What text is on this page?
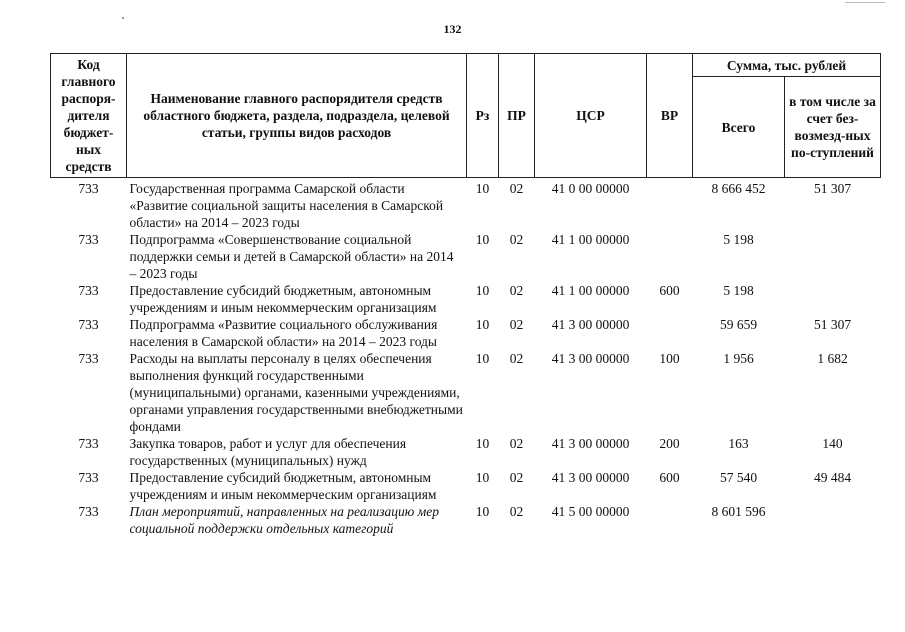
132
Код главного распоря-дителя бюджет-ных средств	Наименование главного распорядителя средств областного бюджета, раздела, подраздела, целевой статьи, группы видов расходов	Рз	ПР	ЦСР	ВР	Сумма, тыс. рублей	
						Всего	в том числе за счет без-возмезд-ных по-ступлений
733	Государственная программа Самарской области «Развитие социальной защиты населения в Самарской области» на 2014 – 2023 годы	10	02	41 0 00 00000		8 666 452	51 307
733	Подпрограмма «Совершенствование социальной поддержки семьи и детей в Самарской области» на 2014 – 2023 годы	10	02	41 1 00 00000		5 198	
733	Предоставление субсидий бюджетным, автономным учреждениям и иным некоммерческим организациям	10	02	41 1 00 00000	600	5 198	
733	Подпрограмма «Развитие социального обслуживания населения в Самарской области» на 2014 – 2023 годы	10	02	41 3 00 00000		59 659	51 307
733	Расходы на выплаты персоналу в целях обеспечения выполнения функций государственными (муниципальными) органами, казенными учреждениями, органами управления государственными внебюджетными фондами	10	02	41 3 00 00000	100	1 956	1 682
733	Закупка товаров, работ и услуг для обеспечения государственных (муниципальных) нужд	10	02	41 3 00 00000	200	163	140
733	Предоставление субсидий бюджетным, автономным учреждениям и иным некоммерческим организациям	10	02	41 3 00 00000	600	57 540	49 484
733	План мероприятий, направленных на реализацию мер социальной поддержки отдельных категорий	10	02	41 5 00 00000		8 601 596	
